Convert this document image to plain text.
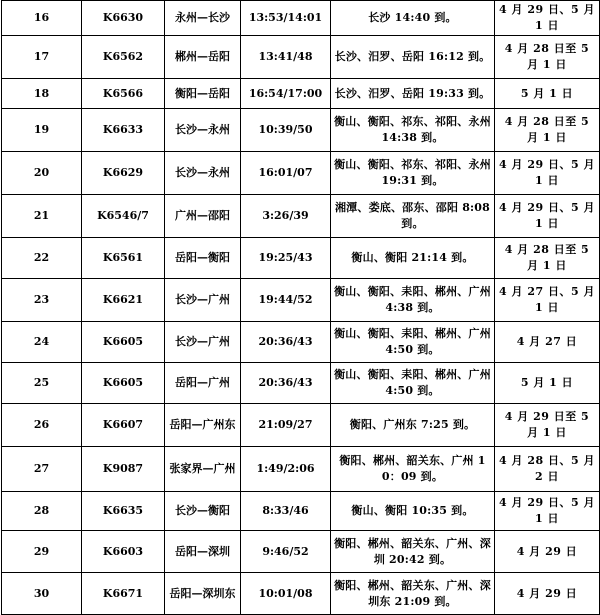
16	K6630	永州—长沙	13:53/14:01	长沙 14:40 到。	4 月 29 日、5 月 1 日
17	K6562	郴州—岳阳	13:41/48	长沙、汨罗、岳阳 16:12 到。	4 月 28 日至 5 月 1 日
18	K6566	衡阳—岳阳	16:54/17:00	长沙、汨罗、岳阳 19:33 到。	5 月 1 日
19	K6633	长沙—永州	10:39/50	衡山、衡阳、祁东、祁阳、永州 14:38 到。	4 月 28 日至 5 月 1 日
20	K6629	长沙—永州	16:01/07	衡山、衡阳、祁东、祁阳、永州 19:31 到。	4 月 29 日、5 月 1 日
21	K6546/7	广州—邵阳	3:26/39	湘潭、娄底、邵东、邵阳 8:08 到。	4 月 29 日、5 月 1 日
22	K6561	岳阳—衡阳	19:25/43	衡山、衡阳 21:14 到。	4 月 28 日至 5 月 1 日
23	K6621	长沙—广州	19:44/52	衡山、衡阳、耒阳、郴州、广州 4:38 到。	4 月 27 日、5 月 1 日
24	K6605	长沙—广州	20:36/43	衡山、衡阳、耒阳、郴州、广州 4:50 到。	4 月 27 日
25	K6605	岳阳—广州	20:36/43	衡山、衡阳、耒阳、郴州、广州 4:50 到。	5 月 1 日
26	K6607	岳阳—广州东	21:09/27	衡阳、广州东 7:25 到。	4 月 29 日至 5 月 1 日
27	K9087	张家界—广州	1:49/2:06	衡阳、郴州、韶关东、广州 10：09 到。	4 月 28 日、5 月 2 日
28	K6635	长沙—衡阳	8:33/46	衡山、衡阳 10:35 到。	4 月 29 日、5 月 1 日
29	K6603	岳阳—深圳	9:46/52	衡阳、郴州、韶关东、广州、深圳 20:42 到。	4 月 29 日
30	K6671	岳阳—深圳东	10:01/08	衡阳、郴州、韶关东、广州、深圳东 21:09 到。	4 月 29 日
